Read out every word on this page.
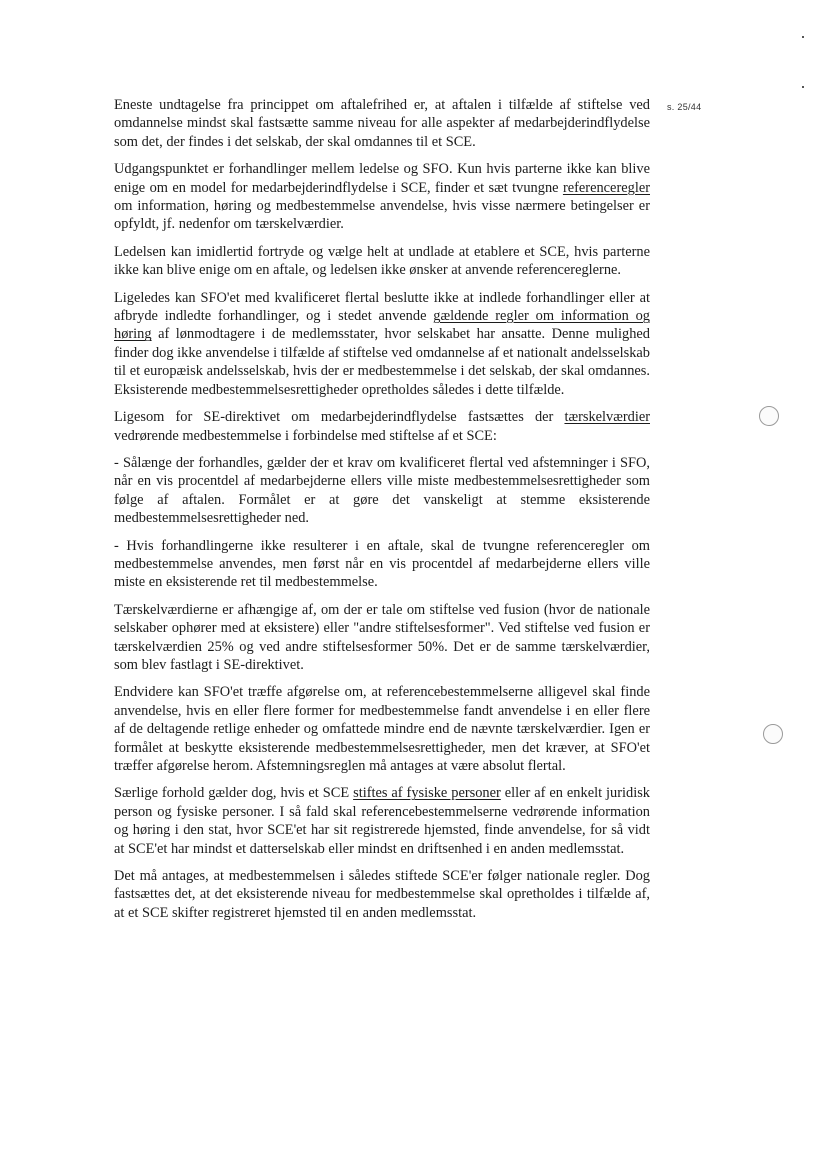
s. 25/44

Eneste undtagelse fra princippet om aftalefrihed er, at aftalen i tilfælde af stiftelse ved omdannelse mindst skal fastsætte samme niveau for alle aspekter af medarbejderindflydelse som det, der findes i det selskab, der skal omdannes til et SCE.

Udgangspunktet er forhandlinger mellem ledelse og SFO. Kun hvis parterne ikke kan blive enige om en model for medarbejderindflydelse i SCE, finder et sæt tvungne referenceregler om information, høring og medbestemmelse anvendelse, hvis visse nærmere betingelser er opfyldt, jf. nedenfor om tærskelværdier.

Ledelsen kan imidlertid fortryde og vælge helt at undlade at etablere et SCE, hvis parterne ikke kan blive enige om en aftale, og ledelsen ikke ønsker at anvende referencereglerne.

Ligeledes kan SFO'et med kvalificeret flertal beslutte ikke at indlede forhandlinger eller at afbryde indledte forhandlinger, og i stedet anvende gældende regler om information og høring af lønmodtagere i de medlemsstater, hvor selskabet har ansatte. Denne mulighed finder dog ikke anvendelse i tilfælde af stiftelse ved omdannelse af et nationalt andelsselskab til et europæisk andelsselskab, hvis der er medbestemmelse i det selskab, der skal omdannes. Eksisterende medbestemmelsesrettigheder opretholdes således i dette tilfælde.

Ligesom for SE-direktivet om medarbejderindflydelse fastsættes der tærskelværdier vedrørende medbestemmelse i forbindelse med stiftelse af et SCE:

- Sålænge der forhandles, gælder der et krav om kvalificeret flertal ved afstemninger i SFO, når en vis procentdel af medarbejderne ellers ville miste medbestemmelsesrettigheder som følge af aftalen. Formålet er at gøre det vanskeligt at stemme eksisterende medbestemmelsesrettigheder ned.

- Hvis forhandlingerne ikke resulterer i en aftale, skal de tvungne referenceregler om medbestemmelse anvendes, men først når en vis procentdel af medarbejderne ellers ville miste en eksisterende ret til medbestemmelse.

Tærskelværdierne er afhængige af, om der er tale om stiftelse ved fusion (hvor de nationale selskaber ophører med at eksistere) eller "andre stiftelsesformer". Ved stiftelse ved fusion er tærskelværdien 25% og ved andre stiftelsesformer 50%. Det er de samme tærskelværdier, som blev fastlagt i SE-direktivet.

Endvidere kan SFO'et træffe afgørelse om, at referencebestemmelserne alligevel skal finde anvendelse, hvis en eller flere former for medbestemmelse fandt anvendelse i en eller flere af de deltagende retlige enheder og omfattede mindre end de nævnte tærskelværdier. Igen er formålet at beskytte eksisterende medbestemmelsesrettigheder, men det kræver, at SFO'et træffer afgørelse herom. Afstemningsreglen må antages at være absolut flertal.

Særlige forhold gælder dog, hvis et SCE stiftes af fysiske personer eller af en enkelt juridisk person og fysiske personer. I så fald skal referencebestemmelserne vedrørende information og høring i den stat, hvor SCE'et har sit registrerede hjemsted, finde anvendelse, for så vidt at SCE'et har mindst et datterselskab eller mindst en driftsenhed i en anden medlemsstat.

Det må antages, at medbestemmelsen i således stiftede SCE'er følger nationale regler. Dog fastsættes det, at det eksisterende niveau for medbestemmelse skal opretholdes i tilfælde af, at et SCE skifter registreret hjemsted til en anden medlemsstat.
